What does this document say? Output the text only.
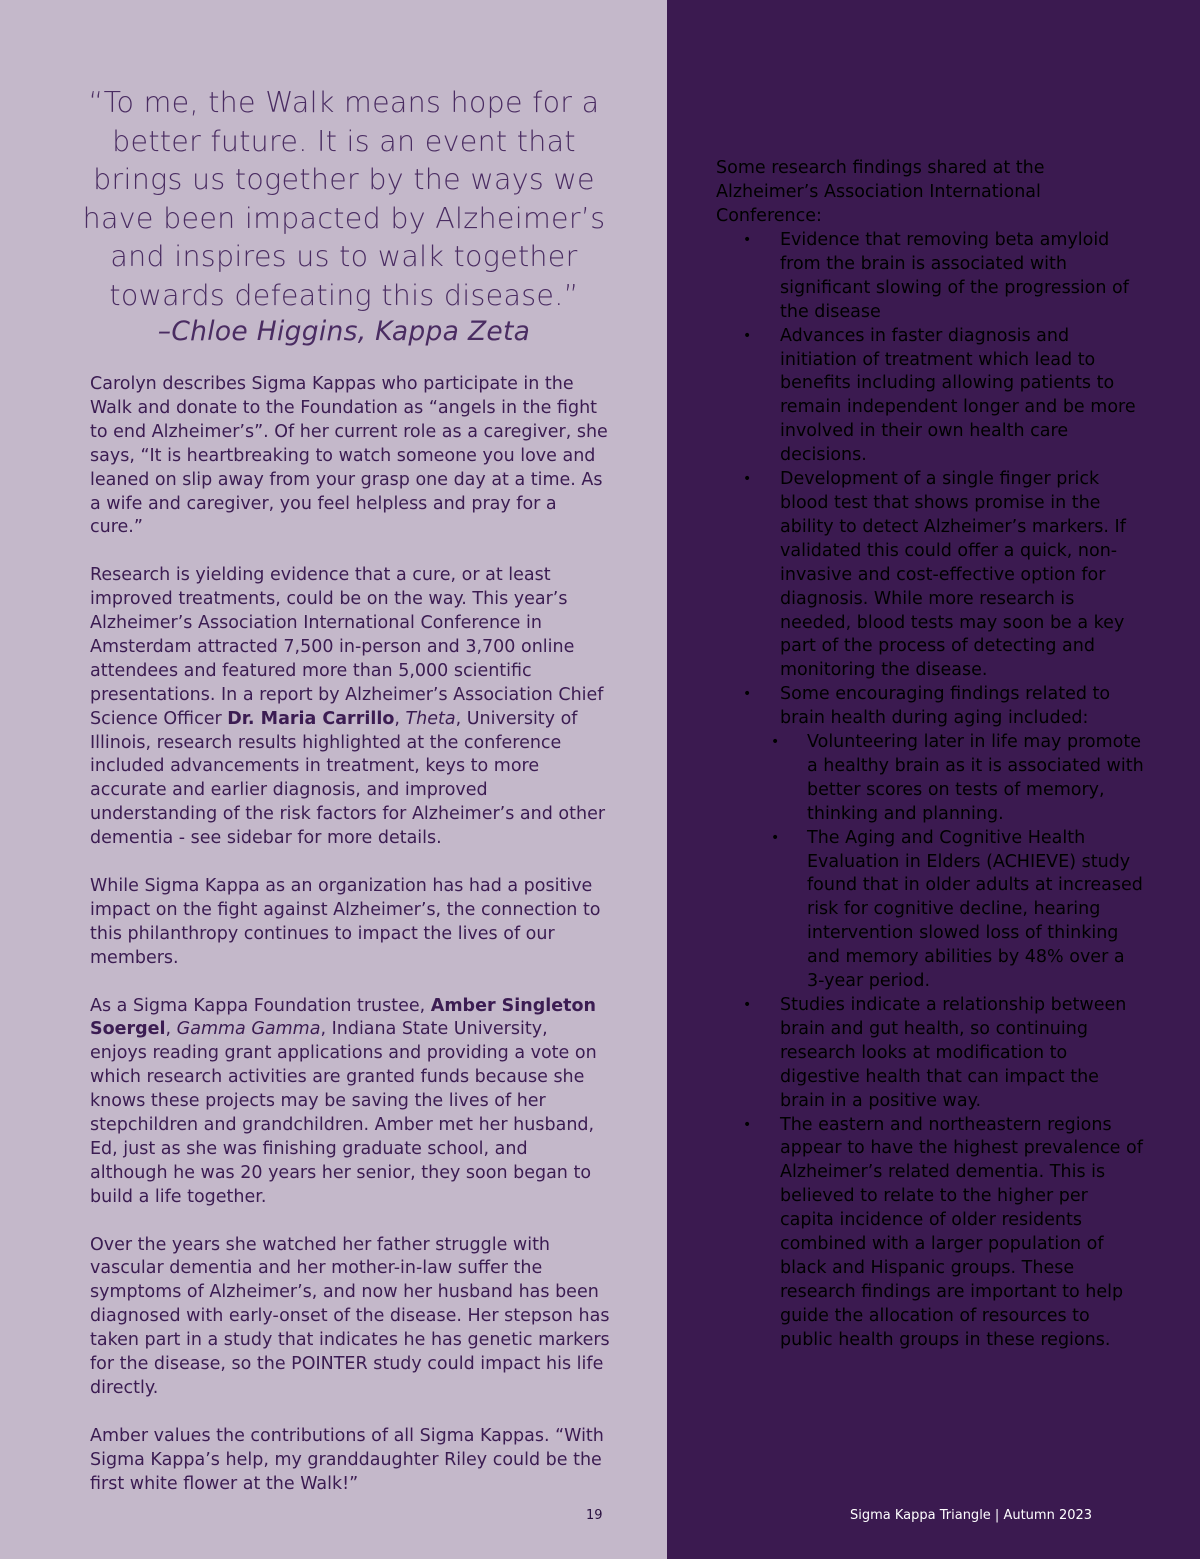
“To me, the Walk means hope for a better future. It is an event that brings us together by the ways we have been impacted by Alzheimer’s and inspires us to walk together towards defeating this disease.”
–Chloe Higgins, Kappa Zeta

Carolyn describes Sigma Kappas who participate in the Walk and donate to the Foundation as “angels in the fight to end Alzheimer’s”. Of her current role as a caregiver, she says, “It is heartbreaking to watch someone you love and leaned on slip away from your grasp one day at a time. As a wife and caregiver, you feel helpless and pray for a cure.”

Research is yielding evidence that a cure, or at least improved treatments, could be on the way. This year’s Alzheimer’s Association International Conference in Amsterdam attracted 7,500 in-person and 3,700 online attendees and featured more than 5,000 scientific presentations. In a report by Alzheimer’s Association Chief Science Officer Dr. Maria Carrillo, Theta, University of Illinois, research results highlighted at the conference included advancements in treatment, keys to more accurate and earlier diagnosis, and improved understanding of the risk factors for Alzheimer’s and other dementia - see sidebar for more details.

While Sigma Kappa as an organization has had a positive impact on the fight against Alzheimer’s, the connection to this philanthropy continues to impact the lives of our members.

As a Sigma Kappa Foundation trustee, Amber Singleton Soergel, Gamma Gamma, Indiana State University, enjoys reading grant applications and providing a vote on which research activities are granted funds because she knows these projects may be saving the lives of her stepchildren and grandchildren. Amber met her husband, Ed, just as she was finishing graduate school, and although he was 20 years her senior, they soon began to build a life together.

Over the years she watched her father struggle with vascular dementia and her mother-in-law suffer the symptoms of Alzheimer’s, and now her husband has been diagnosed with early-onset of the disease. Her stepson has taken part in a study that indicates he has genetic markers for the disease, so the POINTER study could impact his life directly.

Amber values the contributions of all Sigma Kappas. “With Sigma Kappa’s help, my granddaughter Riley could be the first white flower at the Walk!”

19
Some research findings shared at the Alzheimer’s Association International Conference:
• Evidence that removing beta amyloid from the brain is associated with significant slowing of the progression of the disease
• Advances in faster diagnosis and initiation of treatment which lead to benefits including allowing patients to remain independent longer and be more involved in their own health care decisions.
• Development of a single finger prick blood test that shows promise in the ability to detect Alzheimer’s markers. If validated this could offer a quick, non-invasive and cost-effective option for diagnosis. While more research is needed, blood tests may soon be a key part of the process of detecting and monitoring the disease.
• Some encouraging findings related to brain health during aging included:
• Volunteering later in life may promote a healthy brain as it is associated with better scores on tests of memory, thinking and planning.
• The Aging and Cognitive Health Evaluation in Elders (ACHIEVE) study found that in older adults at increased risk for cognitive decline, hearing intervention slowed loss of thinking and memory abilities by 48% over a 3-year period.
• Studies indicate a relationship between brain and gut health, so continuing research looks at modification to digestive health that can impact the brain in a positive way.
• The eastern and northeastern regions appear to have the highest prevalence of Alzheimer’s related dementia. This is believed to relate to the higher per capita incidence of older residents combined with a larger population of black and Hispanic groups. These research findings are important to help guide the allocation of resources to public health groups in these regions.
Sigma Kappa Triangle | Autumn 2023
